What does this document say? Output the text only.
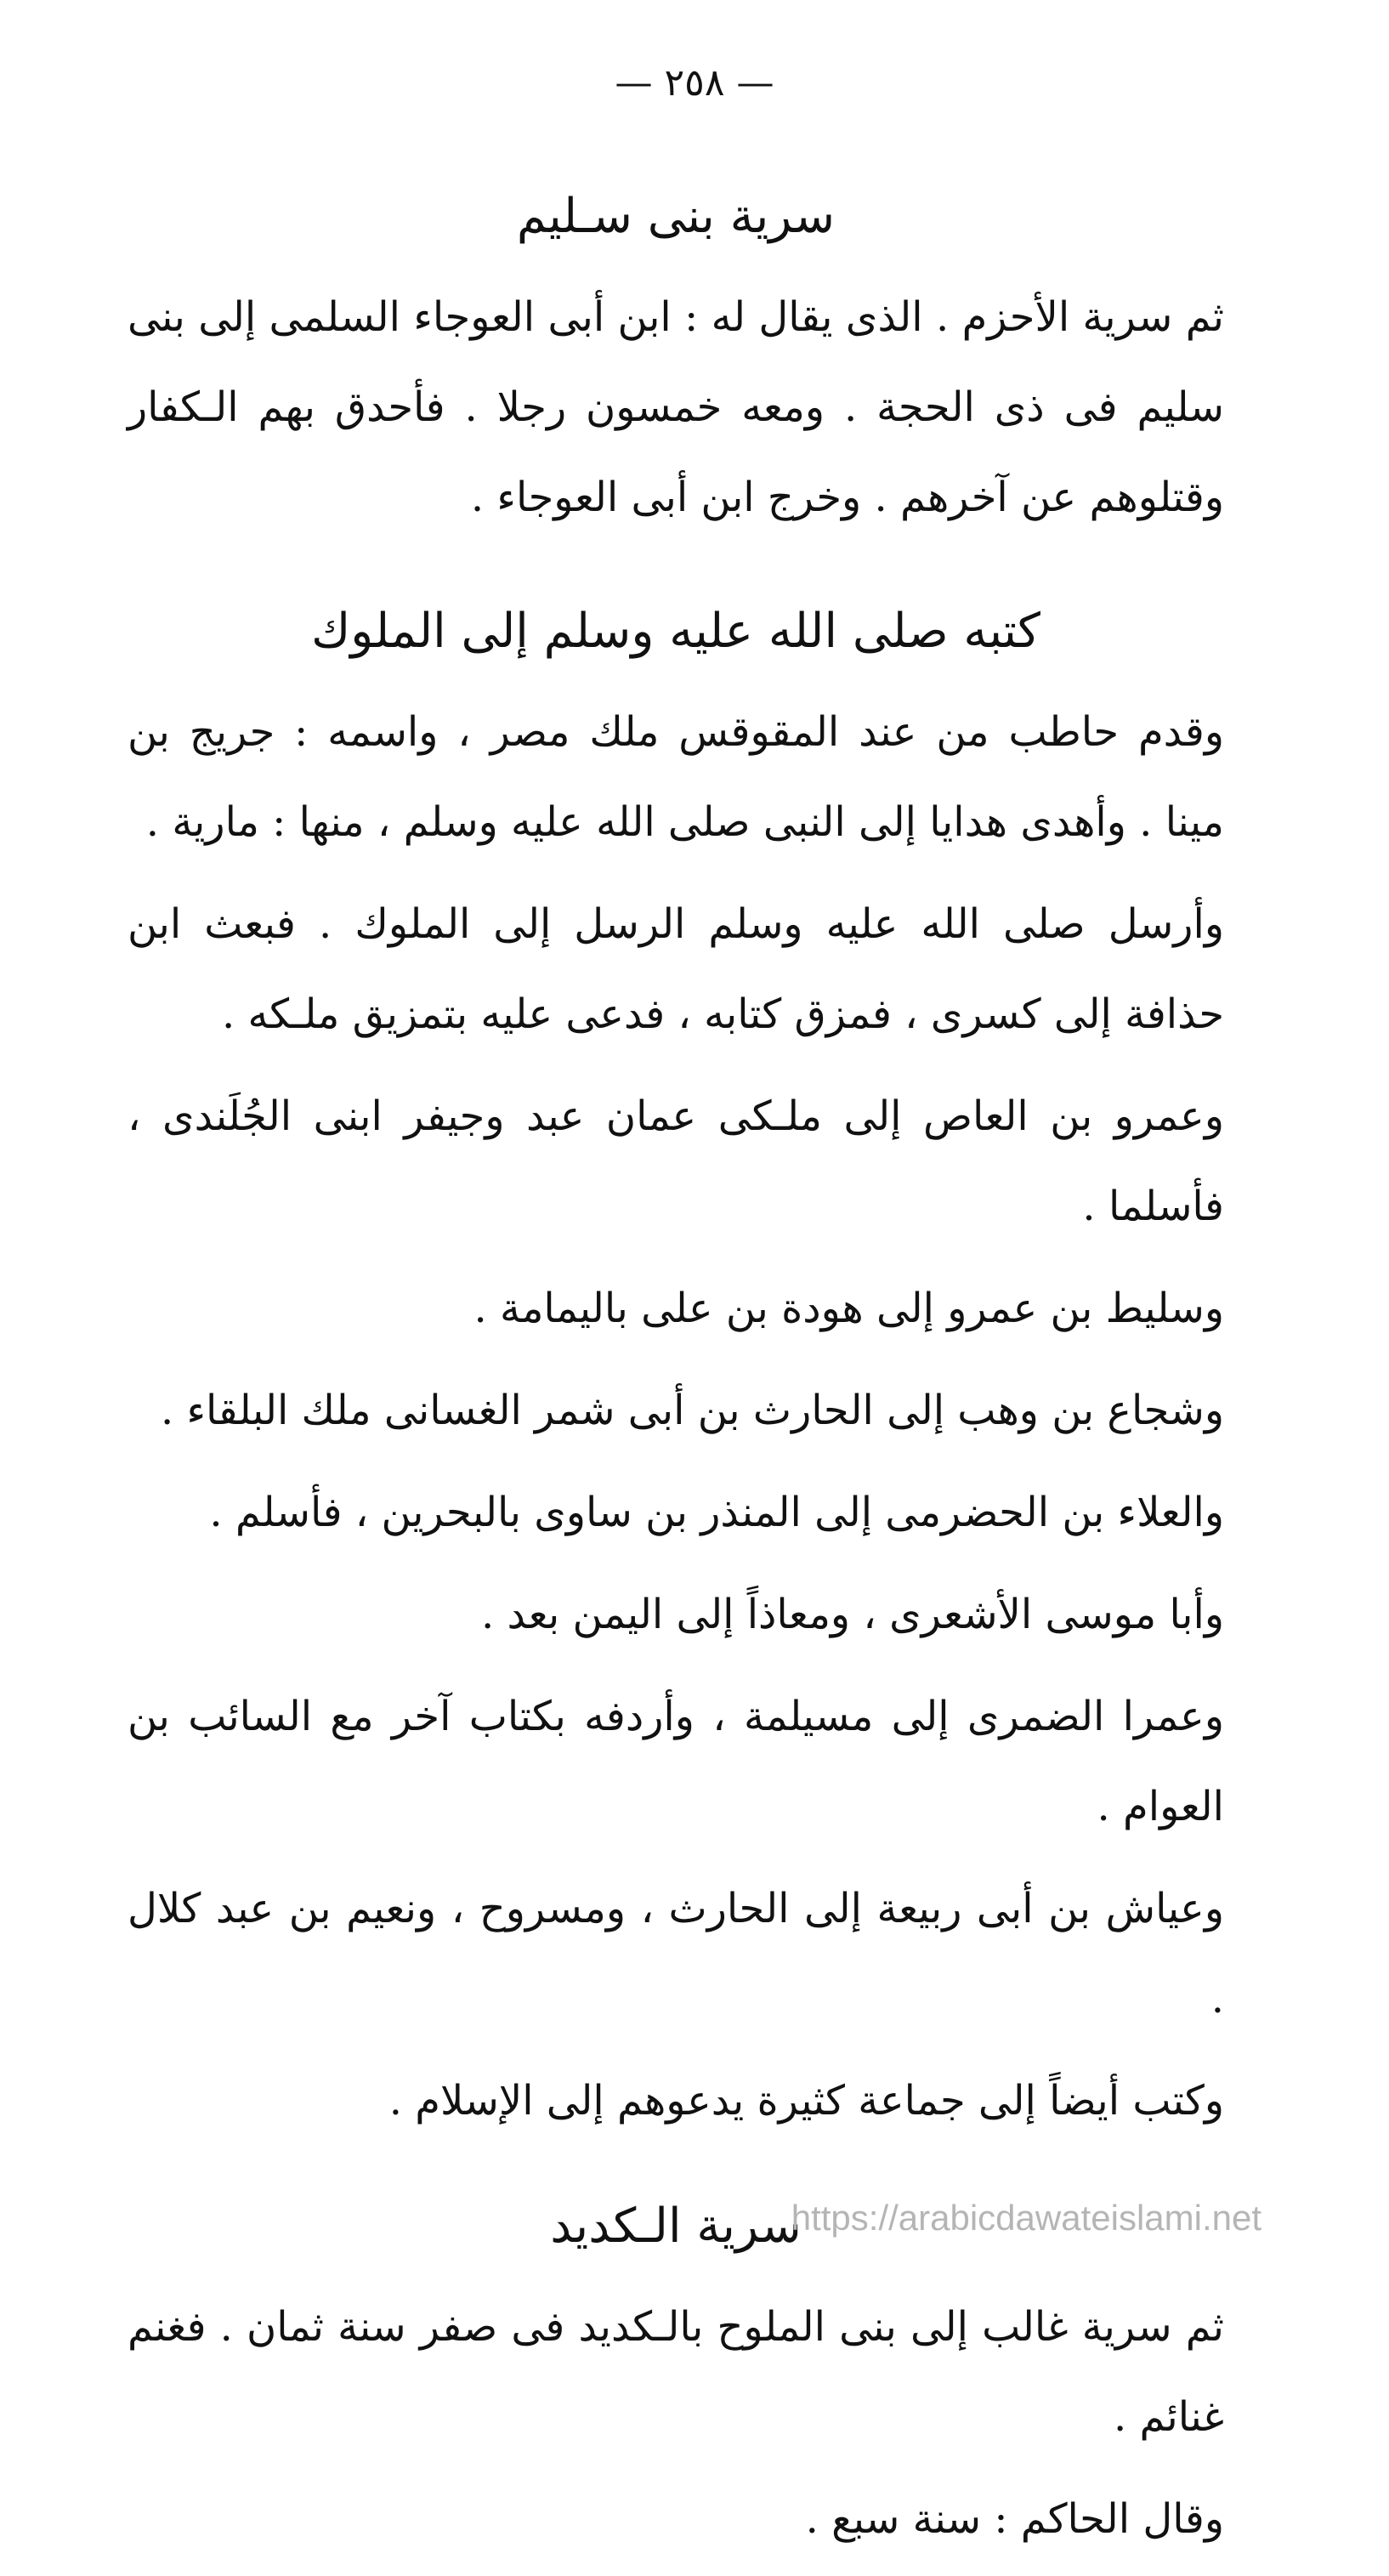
— ٢٥٨ —
سرية بنى سـليم

ثم سرية الأحزم . الذى يقال له : ابن أبى العوجاء السلمى إلى بنى سليم فى ذى الحجة . ومعه خمسون رجلا . فأحدق بهم الـكفار وقتلوهم عن آخرهم . وخرج ابن أبى العوجاء .

كتبه صلى الله عليه وسلم إلى الملوك

وقدم حاطب من عند المقوقس ملك مصر ، واسمه : جريج بن مينا . وأهدى هدايا إلى النبى صلى الله عليه وسلم ، منها : مارية .

وأرسل صلى الله عليه وسلم الرسل إلى الملوك . فبعث ابن حذافة إلى كسرى ، فمزق كتابه ، فدعى عليه بتمزيق ملـكه .

وعمرو بن العاص إلى ملـكى عمان عبد وجيفر ابنى الجُلَندى ، فأسلما .

وسليط بن عمرو إلى هودة بن على باليمامة .

وشجاع بن وهب إلى الحارث بن أبى شمر الغسانى ملك البلقاء .

والعلاء بن الحضرمى إلى المنذر بن ساوى بالبحرين ، فأسلم .

وأبا موسى الأشعرى ، ومعاذاً إلى اليمن بعد .

وعمرا الضمرى إلى مسيلمة ، وأردفه بكتاب آخر مع السائب بن العوام .

وعياش بن أبى ربيعة إلى الحارث ، ومسروح ، ونعيم بن عبد كلال .

وكتب أيضاً إلى جماعة كثيرة يدعوهم إلى الإسلام .

سرية الـكديد

ثم سرية غالب إلى بنى الملوح بالـكديد فى صفر سنة ثمان . فغنم غنائم .

وقال الحاكم : سنة سبع .

https://arabicdawateislami.net
